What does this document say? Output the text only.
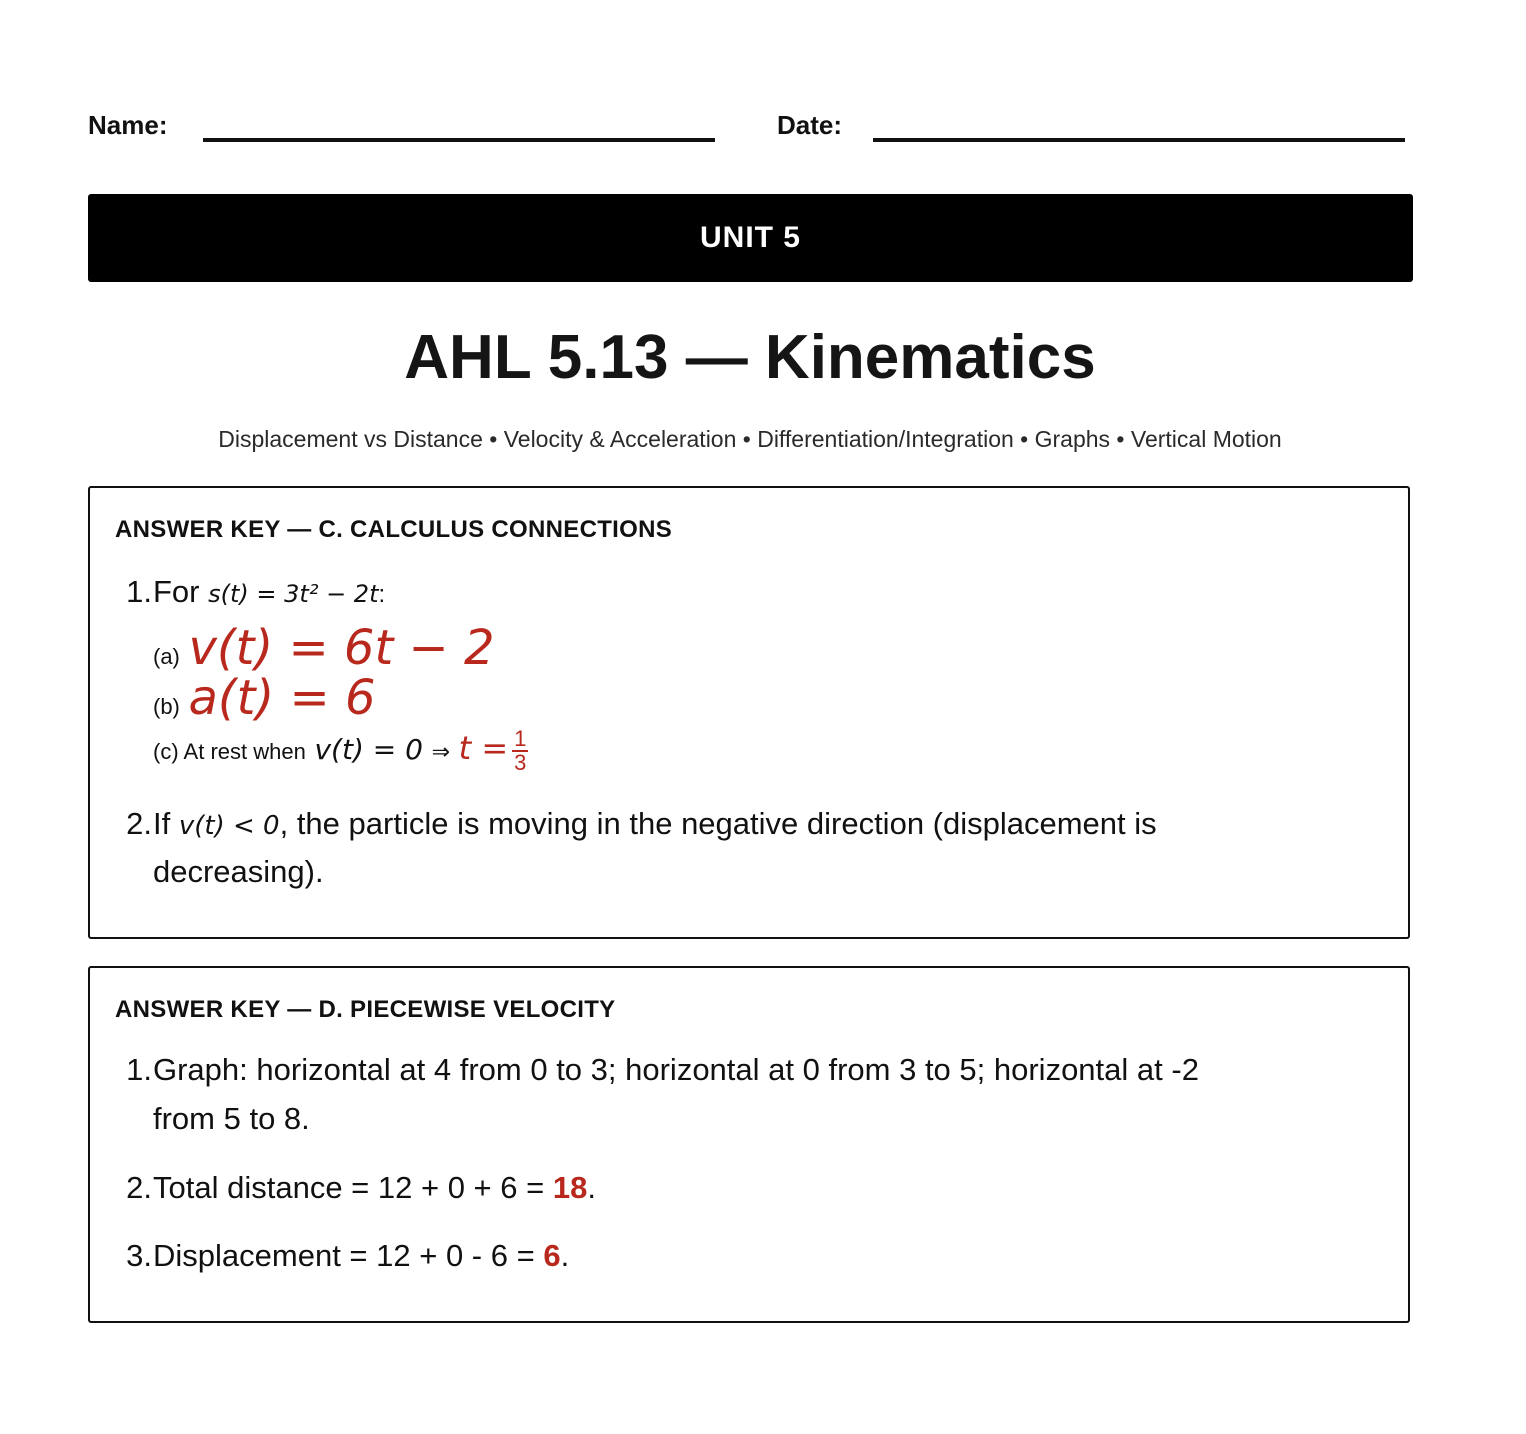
Name:	Date:
UNIT 5
AHL 5.13 — Kinematics
Displacement vs Distance • Velocity & Acceleration • Differentiation/Integration • Graphs • Vertical Motion
ANSWER KEY — C. CALCULUS CONNECTIONS
1. For s(t) = 3t² − 2t:
(a) v(t) = 6t − 2
(b) a(t) = 6
(c) At rest when v(t) = 0 ⇒ $t = \frac{1}{3}$
2. If v(t) < 0, the particle is moving in the negative direction (displacement is
decreasing).
ANSWER KEY — D. PIECEWISE VELOCITY
1. Graph: horizontal at 4 from 0 to 3; horizontal at 0 from 3 to 5; horizontal at -2
from 5 to 8.
2. Total distance = 12 + 0 + 6 = 18.
3. Displacement = 12 + 0 - 6 = 6.
